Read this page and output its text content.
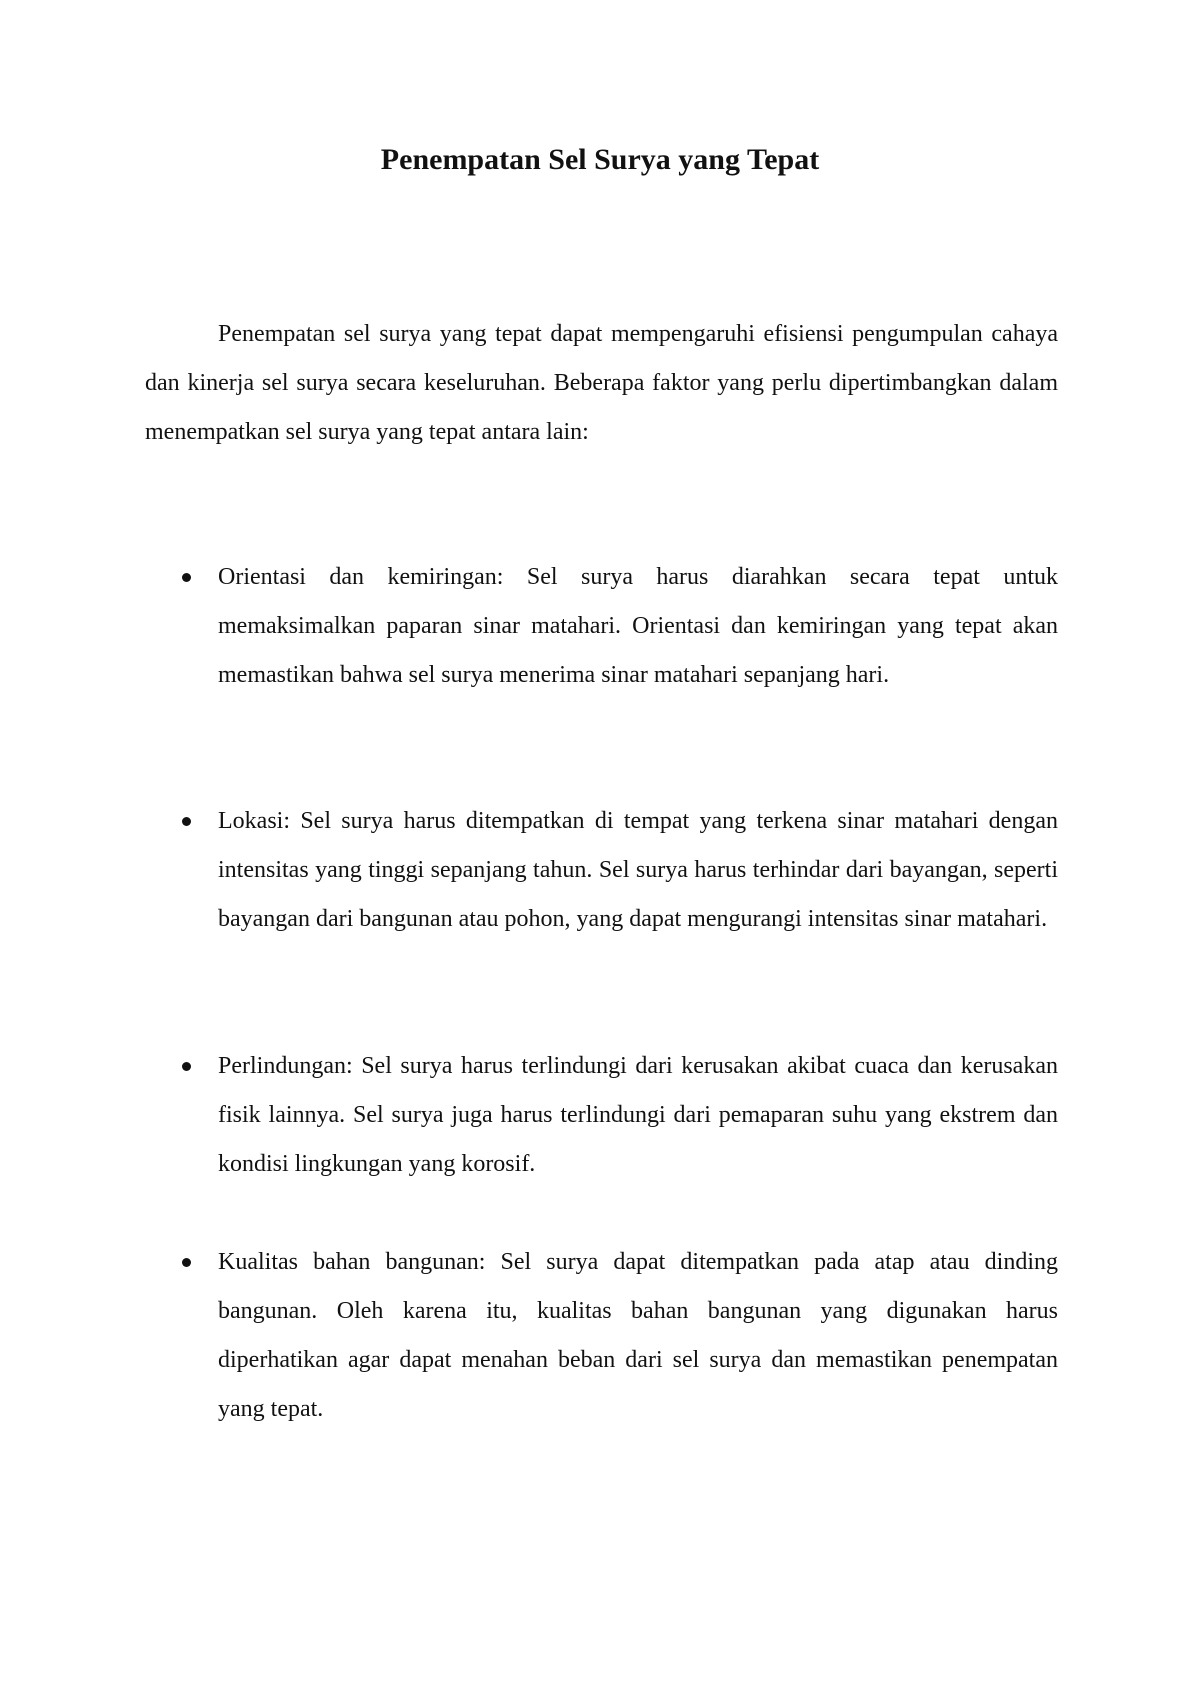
Penempatan Sel Surya yang Tepat

Penempatan sel surya yang tepat dapat mempengaruhi efisiensi pengumpulan cahaya dan kinerja sel surya secara keseluruhan. Beberapa faktor yang perlu dipertimbangkan dalam menempatkan sel surya yang tepat antara lain:

Orientasi dan kemiringan: Sel surya harus diarahkan secara tepat untuk memaksimalkan paparan sinar matahari. Orientasi dan kemiringan yang tepat akan memastikan bahwa sel surya menerima sinar matahari sepanjang hari.
Lokasi: Sel surya harus ditempatkan di tempat yang terkena sinar matahari dengan intensitas yang tinggi sepanjang tahun. Sel surya harus terhindar dari bayangan, seperti bayangan dari bangunan atau pohon, yang dapat mengurangi intensitas sinar matahari.
Perlindungan: Sel surya harus terlindungi dari kerusakan akibat cuaca dan kerusakan fisik lainnya. Sel surya juga harus terlindungi dari pemaparan suhu yang ekstrem dan kondisi lingkungan yang korosif.
Kualitas bahan bangunan: Sel surya dapat ditempatkan pada atap atau dinding bangunan. Oleh karena itu, kualitas bahan bangunan yang digunakan harus diperhatikan agar dapat menahan beban dari sel surya dan memastikan penempatan yang tepat.
